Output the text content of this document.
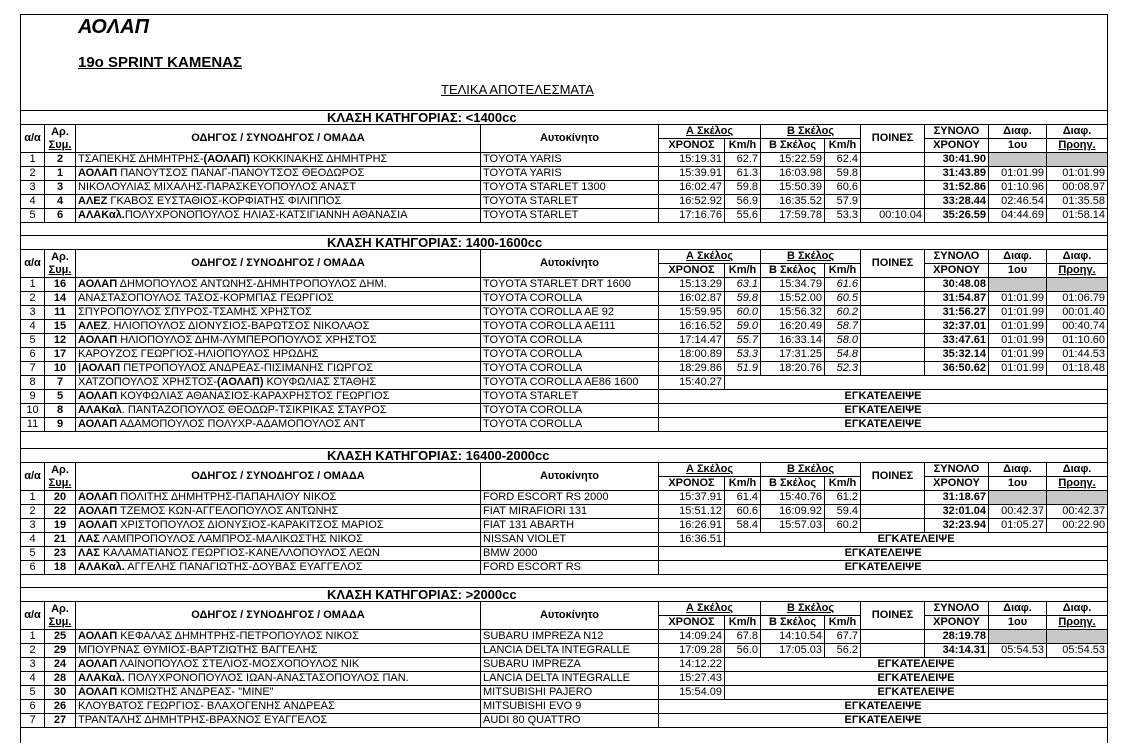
ΑΟΛΑΠ
19ο SPRINT ΚΑΜΕΝΑΣ
ΤΕΛΙΚΑ ΑΠΟΤΕΛΕΣΜΑΤΑ
ΚΛΑΣΗ ΚΑΤΗΓΟΡΙΑΣ: <1400cc											
α/α	Αρ.
Συμ.	ΟΔΗΓΟΣ / ΣΥΝΟΔΗΓΟΣ / ΟΜΑΔΑ	Αυτοκίνητο	Α Σκέλος		Β Σκέλος		ΠΟΙΝΕΣ	ΣΥΝΟΛΟ	Διαφ.	Διαφ.
				ΧΡΟΝΟΣ	Km/h	Β Σκέλος	Km/h		ΧΡΟΝΟΥ	1ου	Προηγ.
1	2	ΤΣΑΠΕΚΗΣ ΔΗΜΗΤΡΗΣ-(ΑΟΛΑΠ) ΚΟΚΚΙΝΑΚΗΣ ΔΗΜΗΤΡΗΣ	TOYOTA YARIS	15:19.31	62.7	15:22.59	62.4		30:41.90		
2	1	ΑΟΛΑΠ ΠΑΝΟΥΤΣΟΣ ΠΑΝΑΓ-ΠΑΝΟΥΤΣΟΣ ΘΕΟΔΩΡΟΣ	TOYOTA YARIS	15:39.91	61.3	16:03.98	59.8		31:43.89	01:01.99	01:01.99
3	3	ΝΙΚΟΛΟΥΛΙΑΣ ΜΙΧΑΛΗΣ-ΠΑΡΑΣΚΕΥΟΠΟΥΛΟΣ ΑΝΑΣΤ	TOYOTA STARLET 1300	16:02.47	59.8	15:50.39	60.6		31:52.86	01:10.96	00:08.97
4	4	ΑΛΕΖ ΓΚΑΒΟΣ ΕΥΣΤΑΘΙΟΣ-ΚΟΡΦΙΑΤΗΣ ΦΙΛΙΠΠΟΣ	TOYOTA STARLET	16:52.92	56.9	16:35.52	57.9		33:28.44	02:46.54	01:35.58
5	6	ΑΛΑΚαλ.ΠΟΛΥΧΡΟΝΟΠΟΥΛΟΣ ΗΛΙΑΣ-ΚΑΤΣΙΓΙΑΝΝΗ ΑΘΑΝΑΣΙΑ	TOYOTA STARLET	17:16.76	55.6	17:59.78	53.3	00:10.04	35:26.59	04:44.69	01:58.14
ΚΛΑΣΗ ΚΑΤΗΓΟΡΙΑΣ: 1400-1600cc											
α/α	Αρ.
Συμ.	ΟΔΗΓΟΣ / ΣΥΝΟΔΗΓΟΣ / ΟΜΑΔΑ	Αυτοκίνητο	Α Σκέλος		Β Σκέλος		ΠΟΙΝΕΣ	ΣΥΝΟΛΟ	Διαφ.	Διαφ.
				ΧΡΟΝΟΣ	Km/h	Β Σκέλος	Km/h		ΧΡΟΝΟΥ	1ου	Προηγ.
1	16	ΑΟΛΑΠ ΔΗΜΟΠΟΥΛΟΣ ΑΝΤΩΝΗΣ-ΔΗΜΗΤΡΟΠΟΥΛΟΣ ΔΗΜ.	TOYOTA STARLET DRT 1600	15:13.29	63.1	15:34.79	61.6		30:48.08		
2	14	ΑΝΑΣΤΑΣΟΠΟΥΛΟΣ ΤΑΣΟΣ-ΚΟΡΜΠΑΣ ΓΕΩΡΓΙΟΣ	TOYOTA COROLLA	16:02.87	59.8	15:52.00	60.5		31:54.87	01:01.99	01:06.79
3	11	ΣΠΥΡΟΠΟΥΛΟΣ ΣΠΥΡΟΣ-ΤΣΑΜΗΣ ΧΡΗΣΤΟΣ	TOYOTA COROLLA AE 92	15:59.95	60.0	15:56.32	60.2		31:56.27	01:01.99	00:01.40
4	15	ΑΛΕΖ. ΗΛΙΟΠΟΥΛΟΣ ΔΙΟΝΥΣΙΟΣ-ΒΑΡΩΤΣΟΣ ΝΙΚΟΛΑΟΣ	TOYOTA COROLLA AE111	16:16.52	59.0	16:20.49	58.7		32:37.01	01:01.99	00:40.74
5	12	ΑΟΛΑΠ ΗΛΙΟΠΟΥΛΟΣ ΔΗΜ-ΛΥΜΠΕΡΟΠΟΥΛΟΣ ΧΡΗΣΤΟΣ	TOYOTA COROLLA	17:14.47	55.7	16:33.14	58.0		33:47.61	01:01.99	01:10.60
6	17	ΚΑΡΟΥΖΟΣ ΓΕΩΡΓΙΟΣ-ΗΛΙΟΠΟΥΛΟΣ ΗΡΩΔΗΣ	TOYOTA COROLLA	18:00.89	53.3	17:31.25	54.8		35:32.14	01:01.99	01:44.53
7	10	|ΑΟΛΑΠ ΠΕΤΡΟΠΟΥΛΟΣ ΑΝΔΡΕΑΣ-ΠΙΣΙΜΑΝΗΣ ΓΙΩΡΓΟΣ	TOYOTA COROLLA	18:29.86	51.9	18:20.76	52.3		36:50.62	01:01.99	01:18.48
8	7	ΧΑΤΖΟΠΟΥΛΟΣ ΧΡΗΣΤΟΣ-(ΑΟΛΑΠ) ΚΟΥΦΩΛΙΑΣ ΣΤΑΘΗΣ	TOYOTA COROLLA AE86 1600	15:40.27							
9	5	ΑΟΛΑΠ ΚΟΥΦΩΛΙΑΣ ΑΘΑΝΑΣΙΟΣ-ΚΑΡΑΧΡΗΣΤΟΣ ΓΕΩΡΓΙΟΣ	TOYOTA STARLET	ΕΓΚΑΤΕΛΕΙΨΕ							
10	8	ΑΛΑΚαλ. ΠΑΝΤΑΖΟΠΟΥΛΟΣ ΘΕΟΔΩΡ-ΤΣΙΚΡΙΚΑΣ ΣΤΑΥΡΟΣ	TOYOTA COROLLA	ΕΓΚΑΤΕΛΕΙΨΕ							
11	9	ΑΟΛΑΠ ΑΔΑΜΟΠΟΥΛΟΣ ΠΟΛΥΧΡ-ΑΔΑΜΟΠΟΥΛΟΣ ΑΝΤ	TOYOTA COROLLA	ΕΓΚΑΤΕΛΕΙΨΕ							
ΚΛΑΣΗ ΚΑΤΗΓΟΡΙΑΣ: 16400-2000cc											
α/α	Αρ.
Συμ.	ΟΔΗΓΟΣ / ΣΥΝΟΔΗΓΟΣ / ΟΜΑΔΑ	Αυτοκίνητο	Α Σκέλος		Β Σκέλος		ΠΟΙΝΕΣ	ΣΥΝΟΛΟ	Διαφ.	Διαφ.
				ΧΡΟΝΟΣ	Km/h	Β Σκέλος	Km/h		ΧΡΟΝΟΥ	1ου	Προηγ.
1	20	ΑΟΛΑΠ ΠΟΛΙΤΗΣ ΔΗΜΗΤΡΗΣ-ΠΑΠΑΗΛΙΟΥ ΝΙΚΟΣ	FORD ESCORT RS 2000	15:37.91	61.4	15:40.76	61.2		31:18.67		
2	22	ΑΟΛΑΠ ΤΖΕΜΟΣ ΚΩΝ-ΑΓΓΕΛΟΠΟΥΛΟΣ ΑΝΤΩΝΗΣ	FIAT MIRAFIORI 131	15:51.12	60.6	16:09.92	59.4		32:01.04	00:42.37	00:42.37
3	19	ΑΟΛΑΠ ΧΡΙΣΤΟΠΟΥΛΟΣ ΔΙΟΝΥΣΙΟΣ-ΚΑΡΑΚΙΤΣΟΣ ΜΑΡΙΟΣ	FIAT 131 ABARTH	16:26.91	58.4	15:57.03	60.2		32:23.94	01:05.27	00:22.90
4	21	ΛΑΣ ΛΑΜΠΡΟΠΟΥΛΟΣ ΛΑΜΠΡΟΣ-ΜΑΛΙΚΩΣΤΗΣ ΝΙΚΟΣ	NISSAN VIOLET	16:36.51	ΕΓΚΑΤΕΛΕΙΨΕ						
5	23	ΛΑΣ ΚΑΛΑΜΑΤΙΑΝΟΣ ΓΕΩΡΓΙΟΣ-ΚΑΝΕΛΛΟΠΟΥΛΟΣ ΛΕΩΝ	BMW 2000	ΕΓΚΑΤΕΛΕΙΨΕ							
6	18	ΑΛΑΚαλ. ΑΓΓΕΛΗΣ ΠΑΝΑΓΙΩΤΗΣ-ΔΟΥΒΑΣ ΕΥΑΓΓΕΛΟΣ	FORD ESCORT RS	ΕΓΚΑΤΕΛΕΙΨΕ							
ΚΛΑΣΗ ΚΑΤΗΓΟΡΙΑΣ: >2000cc											
α/α	Αρ.
Συμ.	ΟΔΗΓΟΣ / ΣΥΝΟΔΗΓΟΣ / ΟΜΑΔΑ	Αυτοκίνητο	Α Σκέλος		Β Σκέλος		ΠΟΙΝΕΣ	ΣΥΝΟΛΟ	Διαφ.	Διαφ.
				ΧΡΟΝΟΣ	Km/h	Β Σκέλος	Km/h		ΧΡΟΝΟΥ	1ου	Προηγ.
1	25	ΑΟΛΑΠ ΚΕΦΑΛΑΣ ΔΗΜΗΤΡΗΣ-ΠΕΤΡΟΠΟΥΛΟΣ ΝΙΚΟΣ	SUBARU IMPREZA N12	14:09.24	67.8	14:10.54	67.7		28:19.78		
2	29	ΜΠΟΥΡΝΑΣ ΘΥΜΙΟΣ-ΒΑΡΤΖΙΩΤΗΣ ΒΑΓΓΕΛΗΣ	LANCIA DELTA INTEGRALLE	17:09.28	56.0	17:05.03	56.2		34:14.31	05:54.53	05:54.53
3	24	ΑΟΛΑΠ ΛΑΪΝΟΠΟΥΛΟΣ ΣΤΕΛΙΟΣ-ΜΟΣΧΟΠΟΥΛΟΣ ΝΙΚ	SUBARU IMPREZA	14:12.22	ΕΓΚΑΤΕΛΕΙΨΕ						
4	28	ΑΛΑΚαλ. ΠΟΛΥΧΡΟΝΟΠΟΥΛΟΣ ΙΩΑΝ-ΑΝΑΣΤΑΣΟΠΟΥΛΟΣ ΠΑΝ.	LANCIA DELTA INTEGRALLE	15:27.43	ΕΓΚΑΤΕΛΕΙΨΕ						
5	30	ΑΟΛΑΠ ΚΟΜΙΩΤΗΣ ΑΝΔΡΕΑΣ- "MINE"	MITSUBISHI PAJERO	15:54.09	ΕΓΚΑΤΕΛΕΙΨΕ						
6	26	ΚΛΟΥΒΑΤΟΣ ΓΕΩΡΓΙΟΣ- ΒΛΑΧΟΓΕΝΗΣ ΑΝΔΡΕΑΣ	MITSUBISHI EVO 9	ΕΓΚΑΤΕΛΕΙΨΕ							
7	27	ΤΡΑΝΤΑΛΗΣ ΔΗΜΗΤΡΗΣ-ΒΡΑΧΝΟΣ ΕΥΑΓΓΕΛΟΣ	AUDI 80 QUATTRO	ΕΓΚΑΤΕΛΕΙΨΕ							
